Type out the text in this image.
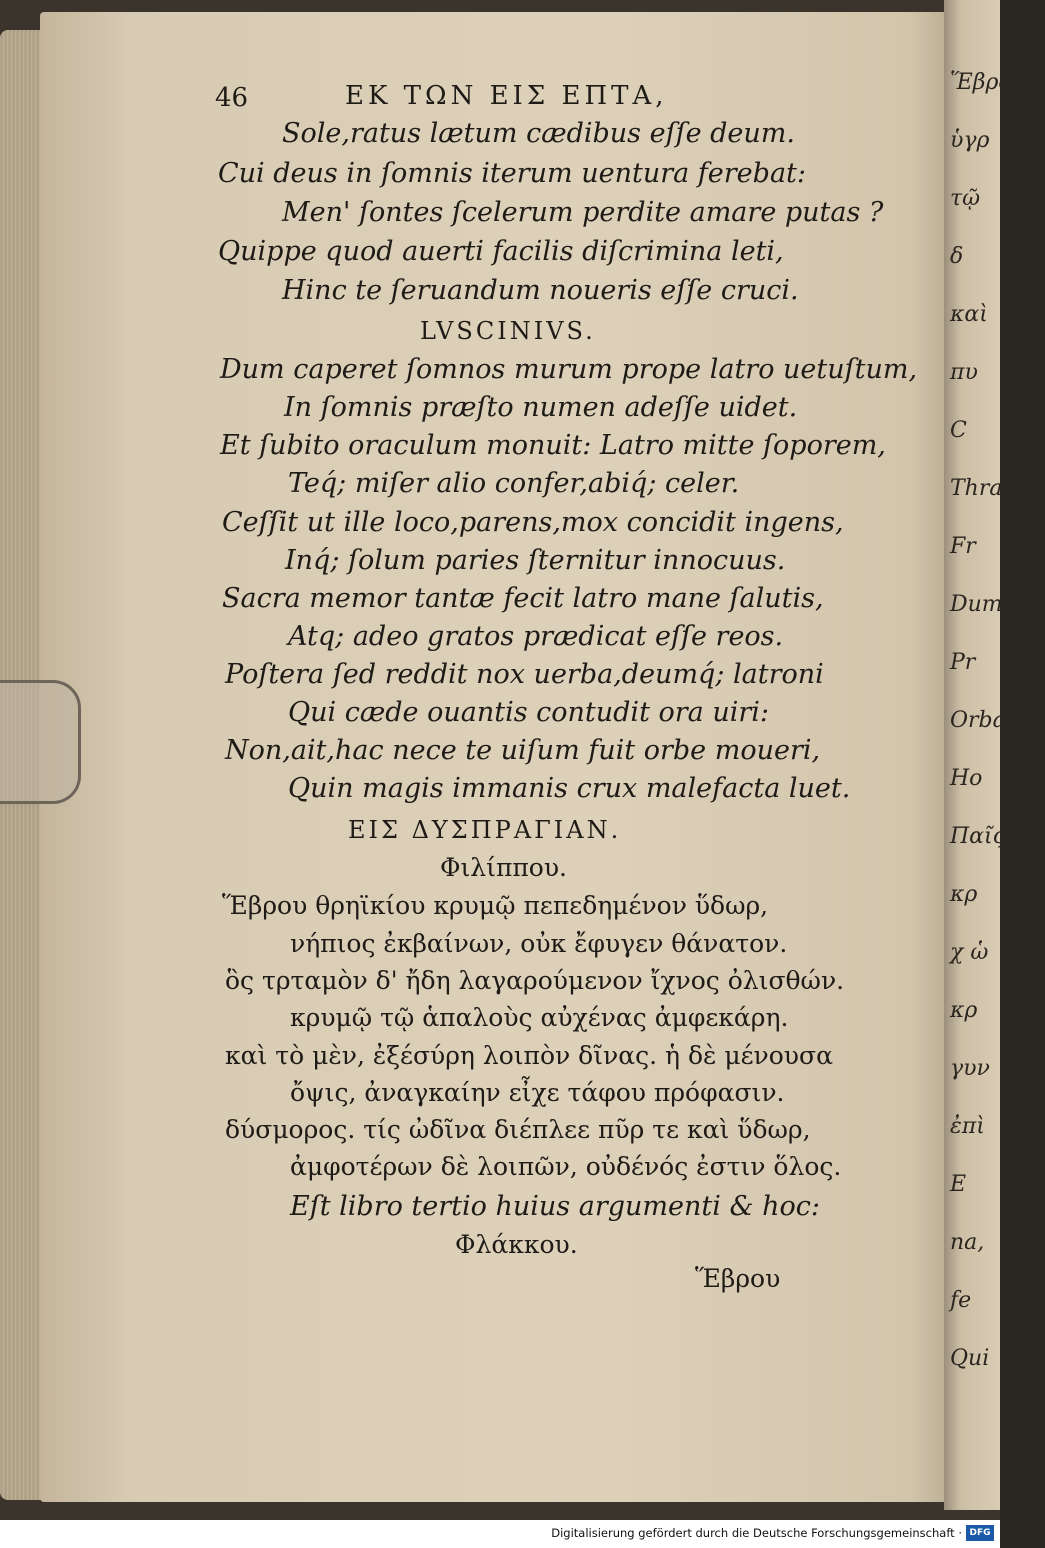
Ἕβρου χ
ὑγρ
τῷ
δ
καὶ
πυ
C
Thrax p
Fr
Dum
Pr
Orba q
Ho
Παῖς
κρ
χ ὡ
κρ
γυν
ἐπὶ
E
na,
fe
Qui
46	ΕΚ ΤΩΝ ΕΙΣ ΕΠΤΑ,
Sole,ratus lætum cædibus eſſe deum.
Cui deus in ſomnis iterum uentura ferebat:
Men' ſontes ſcelerum perdite amare putas ?
Quippe quod auerti facilis diſcrimina leti,
Hinc te ſeruandum noueris eſſe cruci.
LVSCINIVS.
Dum caperet ſomnos murum prope latro uetuſtum,
In ſomnis præſto numen adeſſe uidet.
Et ſubito oraculum monuit: Latro mitte ſoporem,
Teq́; miſer alio confer,abiq́; celer.
Ceſſit ut ille loco,parens,mox concidit ingens,
Inq́; ſolum paries ſternitur innocuus.
Sacra memor tantæ fecit latro mane ſalutis,
Atq; adeo gratos prædicat eſſe reos.
Poſtera ſed reddit nox uerba,deumq́; latroni
Qui cæde ouantis contudit ora uiri:
Non,ait,hac nece te uiſum fuit orbe moueri,
Quin magis immanis crux malefacta luet.
ΕΙΣ ΔΥΣΠΡΑΓΙΑΝ.
Φιλίππου.
Ἕβρου θρηϊκίου κρυμῷ πεπεδημένον ὕδωρ,
νήπιος ἐκβαίνων, οὐκ ἔφυγεν θάνατον.
ὃς τρταμὸν δ' ἤδη λαγαρούμενον ἴχνος ὀλισθών.
κρυμῷ τῷ ἁπαλοὺς αὐχένας ἀμφεκάρη.
καὶ τὸ μὲν, ἐξέσύρη λοιπὸν δῖνας. ἡ δὲ μένουσα
ὄψις, ἀναγκαίην εἶχε τάφου πρόφασιν.
δύσμορος. τίς ὠδῖνα διέπλεε πῦρ τε καὶ ὕδωρ,
ἀμφοτέρων δὲ λοιπῶν, οὐδένός ἐστιν ὅλος.
Eſt libro tertio huius argumenti & hoc:
Φλάκκου.
Ἕβρου
Digitalisierung gefördert durch die Deutsche Forschungsgemeinschaft · DFG
